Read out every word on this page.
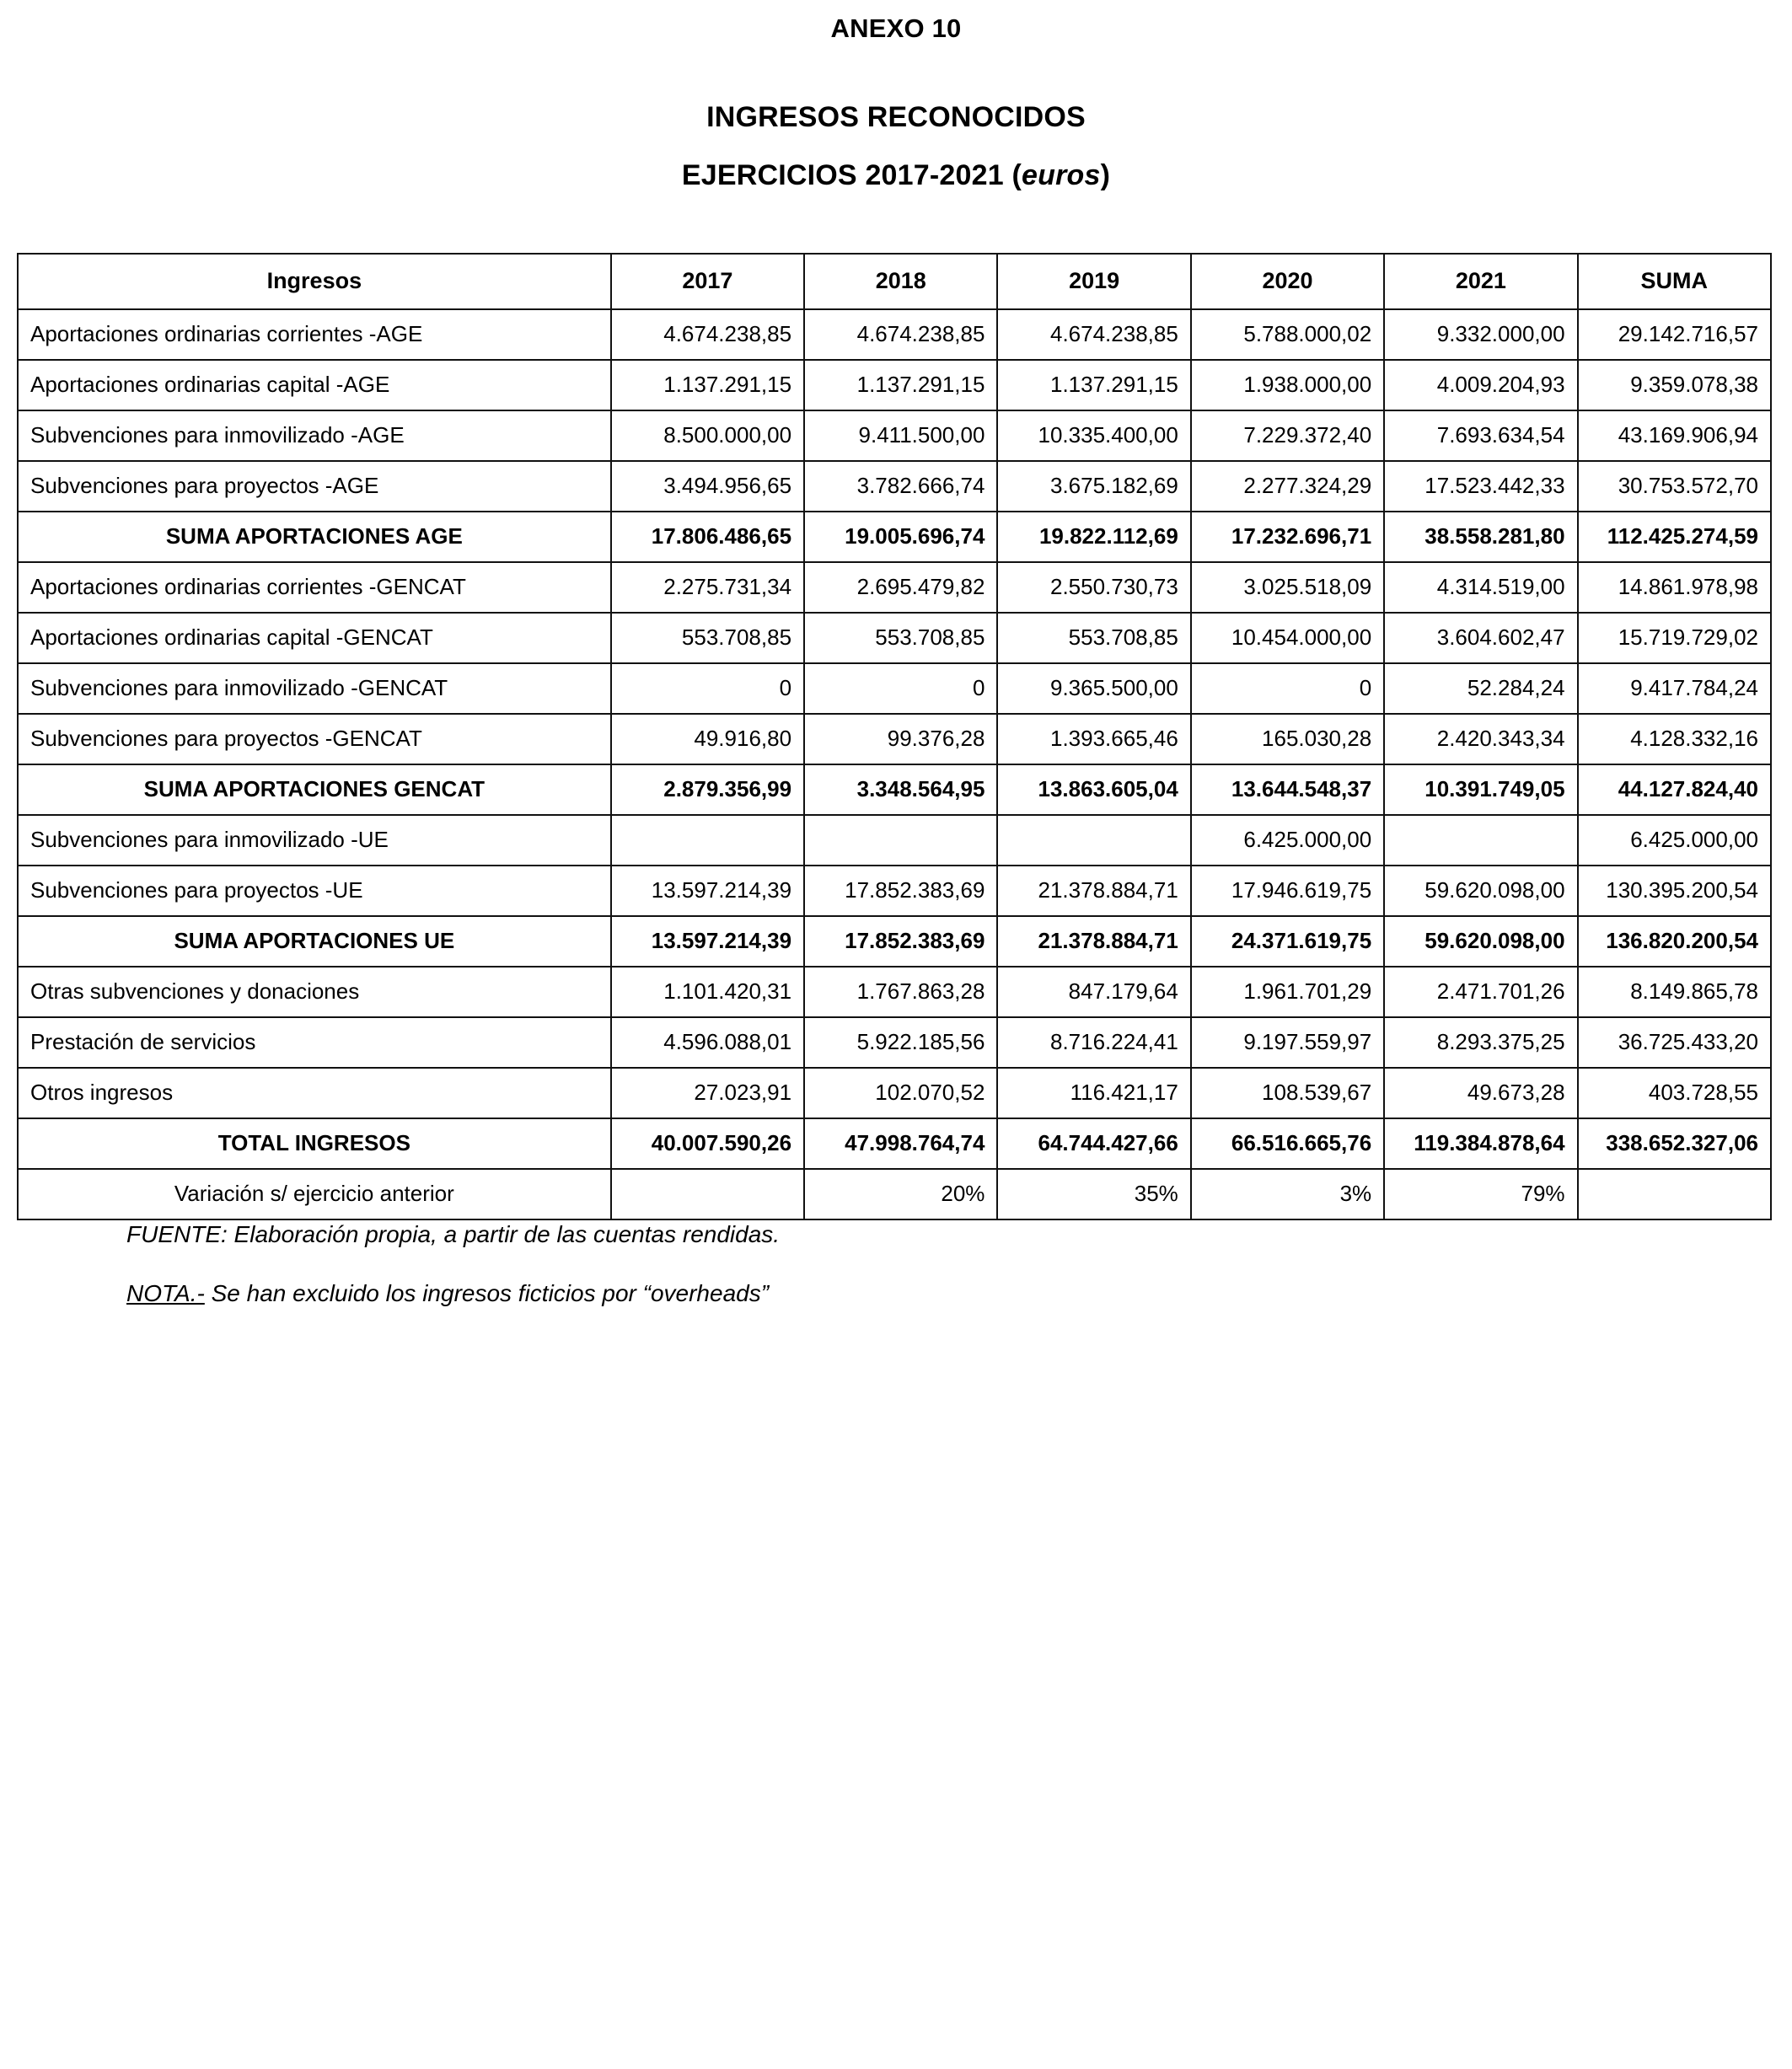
ANEXO 10
INGRESOS RECONOCIDOS
EJERCICIOS 2017-2021 (euros)
Ingresos	2017	2018	2019	2020	2021	SUMA
Aportaciones ordinarias corrientes -AGE	4.674.238,85	4.674.238,85	4.674.238,85	5.788.000,02	9.332.000,00	29.142.716,57
Aportaciones ordinarias capital -AGE	1.137.291,15	1.137.291,15	1.137.291,15	1.938.000,00	4.009.204,93	9.359.078,38
Subvenciones para inmovilizado -AGE	8.500.000,00	9.411.500,00	10.335.400,00	7.229.372,40	7.693.634,54	43.169.906,94
Subvenciones para proyectos -AGE	3.494.956,65	3.782.666,74	3.675.182,69	2.277.324,29	17.523.442,33	30.753.572,70
SUMA APORTACIONES AGE	17.806.486,65	19.005.696,74	19.822.112,69	17.232.696,71	38.558.281,80	112.425.274,59
Aportaciones ordinarias corrientes -GENCAT	2.275.731,34	2.695.479,82	2.550.730,73	3.025.518,09	4.314.519,00	14.861.978,98
Aportaciones ordinarias capital -GENCAT	553.708,85	553.708,85	553.708,85	10.454.000,00	3.604.602,47	15.719.729,02
Subvenciones para inmovilizado -GENCAT	0	0	9.365.500,00	0	52.284,24	9.417.784,24
Subvenciones para proyectos -GENCAT	49.916,80	99.376,28	1.393.665,46	165.030,28	2.420.343,34	4.128.332,16
SUMA APORTACIONES GENCAT	2.879.356,99	3.348.564,95	13.863.605,04	13.644.548,37	10.391.749,05	44.127.824,40
Subvenciones para inmovilizado -UE				6.425.000,00		6.425.000,00
Subvenciones para proyectos -UE	13.597.214,39	17.852.383,69	21.378.884,71	17.946.619,75	59.620.098,00	130.395.200,54
SUMA APORTACIONES UE	13.597.214,39	17.852.383,69	21.378.884,71	24.371.619,75	59.620.098,00	136.820.200,54
Otras subvenciones y donaciones	1.101.420,31	1.767.863,28	847.179,64	1.961.701,29	2.471.701,26	8.149.865,78
Prestación de servicios	4.596.088,01	5.922.185,56	8.716.224,41	9.197.559,97	8.293.375,25	36.725.433,20
Otros ingresos	27.023,91	102.070,52	116.421,17	108.539,67	49.673,28	403.728,55
TOTAL INGRESOS	40.007.590,26	47.998.764,74	64.744.427,66	66.516.665,76	119.384.878,64	338.652.327,06
Variación s/ ejercicio anterior		20%	35%	3%	79%	
FUENTE: Elaboración propia, a partir de las cuentas rendidas.
NOTA.- Se han excluido los ingresos ficticios por “overheads”
